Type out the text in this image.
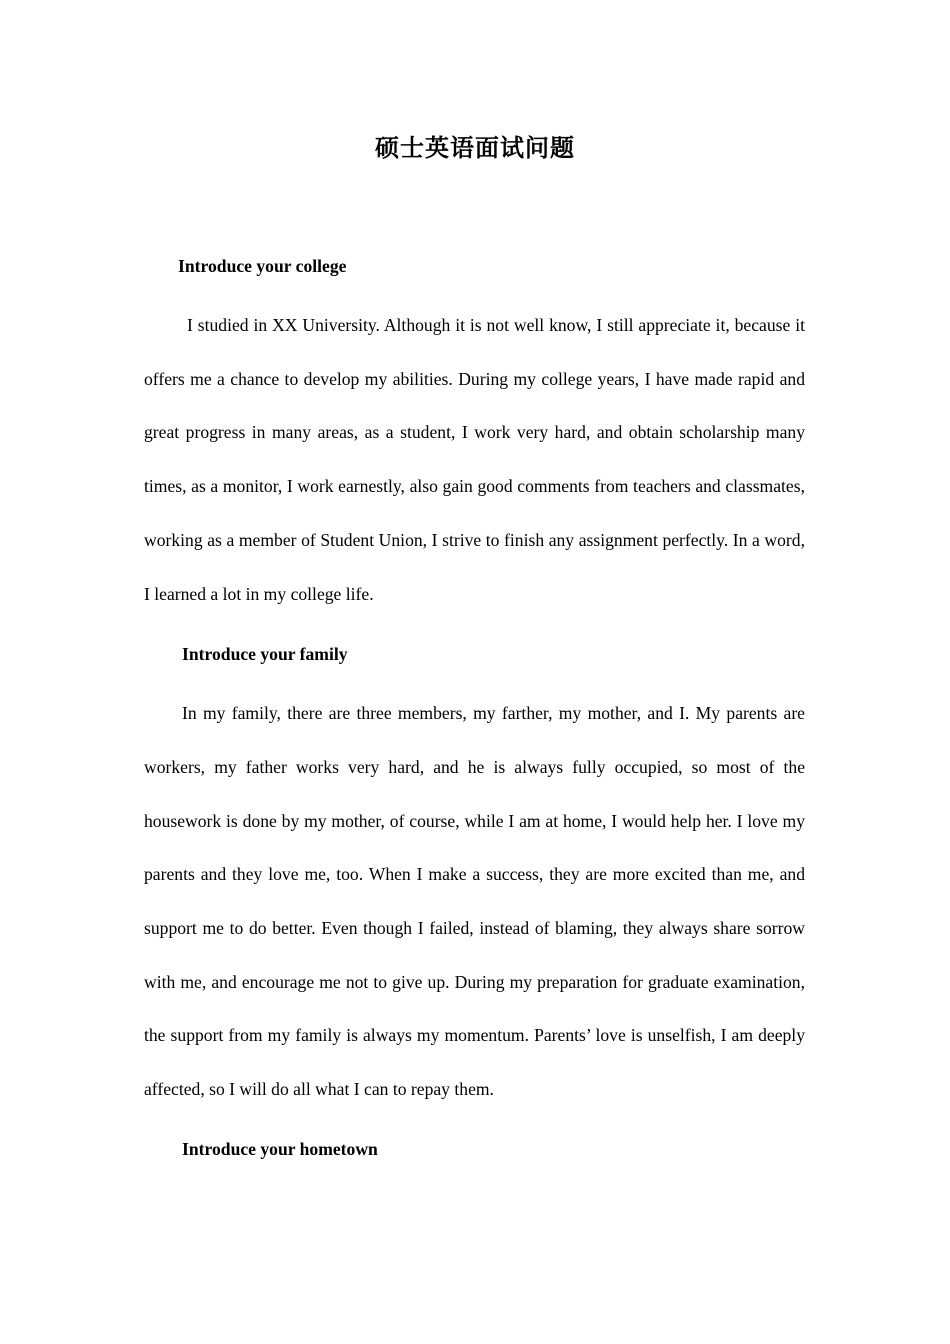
硕士英语面试问题
Introduce your college

I studied in XX University. Although it is not well know, I still appreciate it, because it offers me a chance to develop my abilities. During my college years, I have made rapid and great progress in many areas, as a student, I work very hard, and obtain scholarship many times, as a monitor, I work earnestly, also gain good comments from teachers and classmates, working as a member of Student Union, I strive to finish any assignment perfectly. In a word, I learned a lot in my college life.

Introduce your family

In my family, there are three members, my farther, my mother, and I. My parents are workers, my father works very hard, and he is always fully occupied, so most of the housework is done by my mother, of course, while I am at home, I would help her. I love my parents and they love me, too. When I make a success, they are more excited than me, and support me to do better. Even though I failed, instead of blaming, they always share sorrow with me, and encourage me not to give up. During my preparation for graduate examination, the support from my family is always my momentum. Parents’ love is unselfish, I am deeply affected, so I will do all what I can to repay them.

Introduce your hometown
